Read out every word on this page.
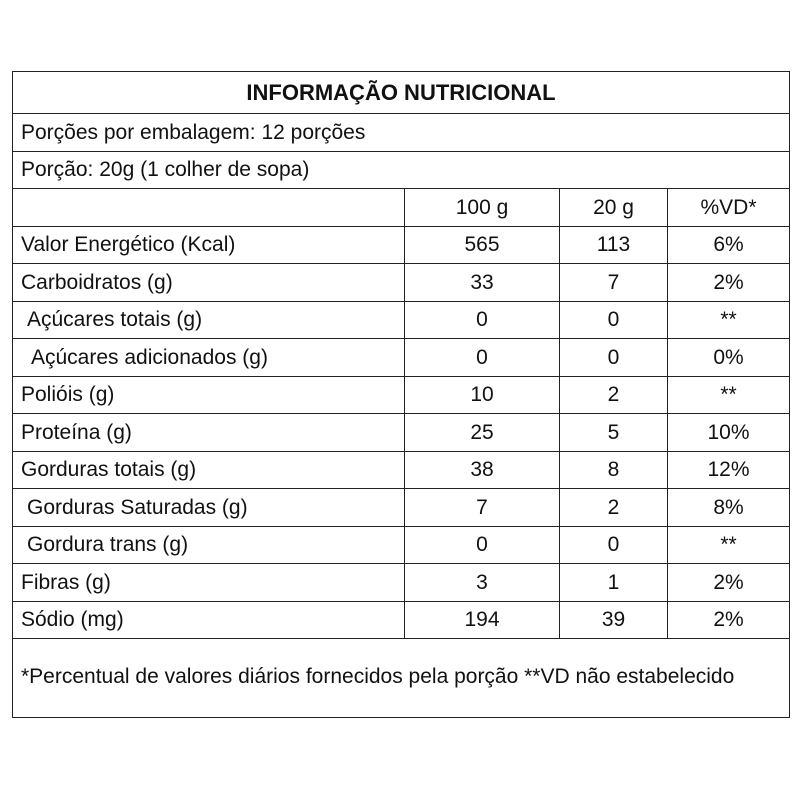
INFORMAÇÃO NUTRICIONAL			
Porções por embalagem: 12 porções			
Porção: 20g (1 colher de sopa)			
	100 g	20 g	%VD*
Valor Energético (Kcal)	565	113	6%
Carboidratos (g)	33	7	2%
Açúcares totais (g)	0	0	**
Açúcares adicionados (g)	0	0	0%
Polióis (g)	10	2	**
Proteína (g)	25	5	10%
Gorduras totais (g)	38	8	12%
Gorduras Saturadas (g)	7	2	8%
Gordura trans (g)	0	0	**
Fibras (g)	3	1	2%
Sódio (mg)	194	39	2%
*Percentual de valores diários fornecidos pela porção **VD não estabelecido			
